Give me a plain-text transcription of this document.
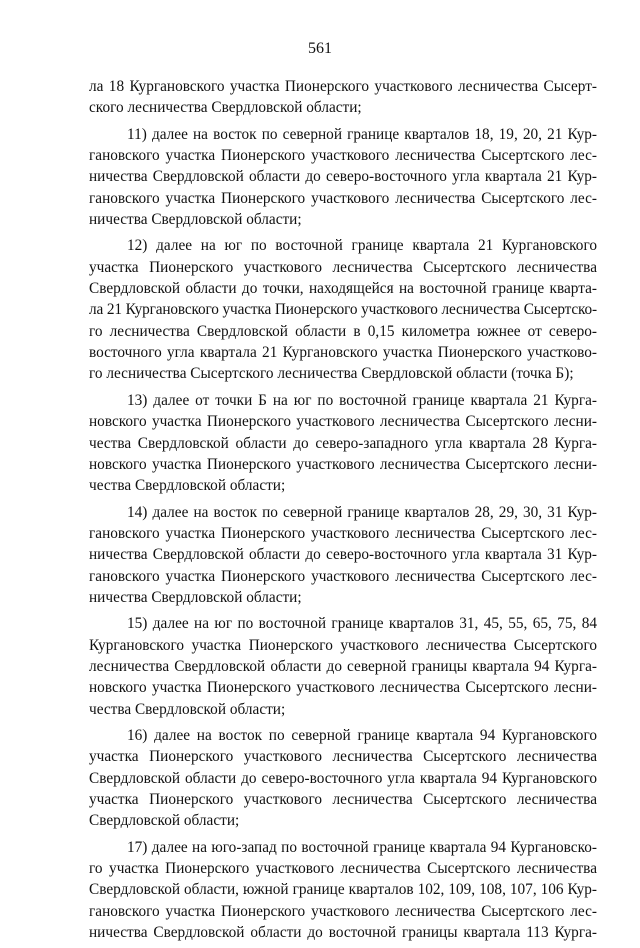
561
ла 18 Кургановского участка Пионерского участкового лесничества Сысерт-
ского лесничества Свердловской области;
11) далее на восток по северной границе кварталов 18, 19, 20, 21 Кур-
гановского участка Пионерского участкового лесничества Сысертского лес-
ничества Свердловской области до северо-восточного угла квартала 21 Кур-
гановского участка Пионерского участкового лесничества Сысертского лес-
ничества Свердловской области;
12) далее на юг по восточной границе квартала 21 Кургановского
участка Пионерского участкового лесничества Сысертского лесничества
Свердловской области до точки, находящейся на восточной границе кварта-
ла 21 Кургановского участка Пионерского участкового лесничества Сысертско-
го лесничества Свердловской области в 0,15 километра южнее от северо-
восточного угла квартала 21 Кургановского участка Пионерского участково-
го лесничества Сысертского лесничества Свердловской области (точка Б);
13) далее от точки Б на юг по восточной границе квартала 21 Курга-
новского участка Пионерского участкового лесничества Сысертского лесни-
чества Свердловской области до северо-западного угла квартала 28 Курга-
новского участка Пионерского участкового лесничества Сысертского лесни-
чества Свердловской области;
14) далее на восток по северной границе кварталов 28, 29, 30, 31 Кур-
гановского участка Пионерского участкового лесничества Сысертского лес-
ничества Свердловской области до северо-восточного угла квартала 31 Кур-
гановского участка Пионерского участкового лесничества Сысертского лес-
ничества Свердловской области;
15) далее на юг по восточной границе кварталов 31, 45, 55, 65, 75, 84
Кургановского участка Пионерского участкового лесничества Сысертского
лесничества Свердловской области до северной границы квартала 94 Курга-
новского участка Пионерского участкового лесничества Сысертского лесни-
чества Свердловской области;
16) далее на восток по северной границе квартала 94 Кургановского
участка Пионерского участкового лесничества Сысертского лесничества
Свердловской области до северо-восточного угла квартала 94 Кургановского
участка Пионерского участкового лесничества Сысертского лесничества
Свердловской области;
17) далее на юго-запад по восточной границе квартала 94 Кургановско-
го участка Пионерского участкового лесничества Сысертского лесничества
Свердловской области, южной границе кварталов 102, 109, 108, 107, 106 Кур-
гановского участка Пионерского участкового лесничества Сысертского лес-
ничества Свердловской области до восточной границы квартала 113 Курга-
